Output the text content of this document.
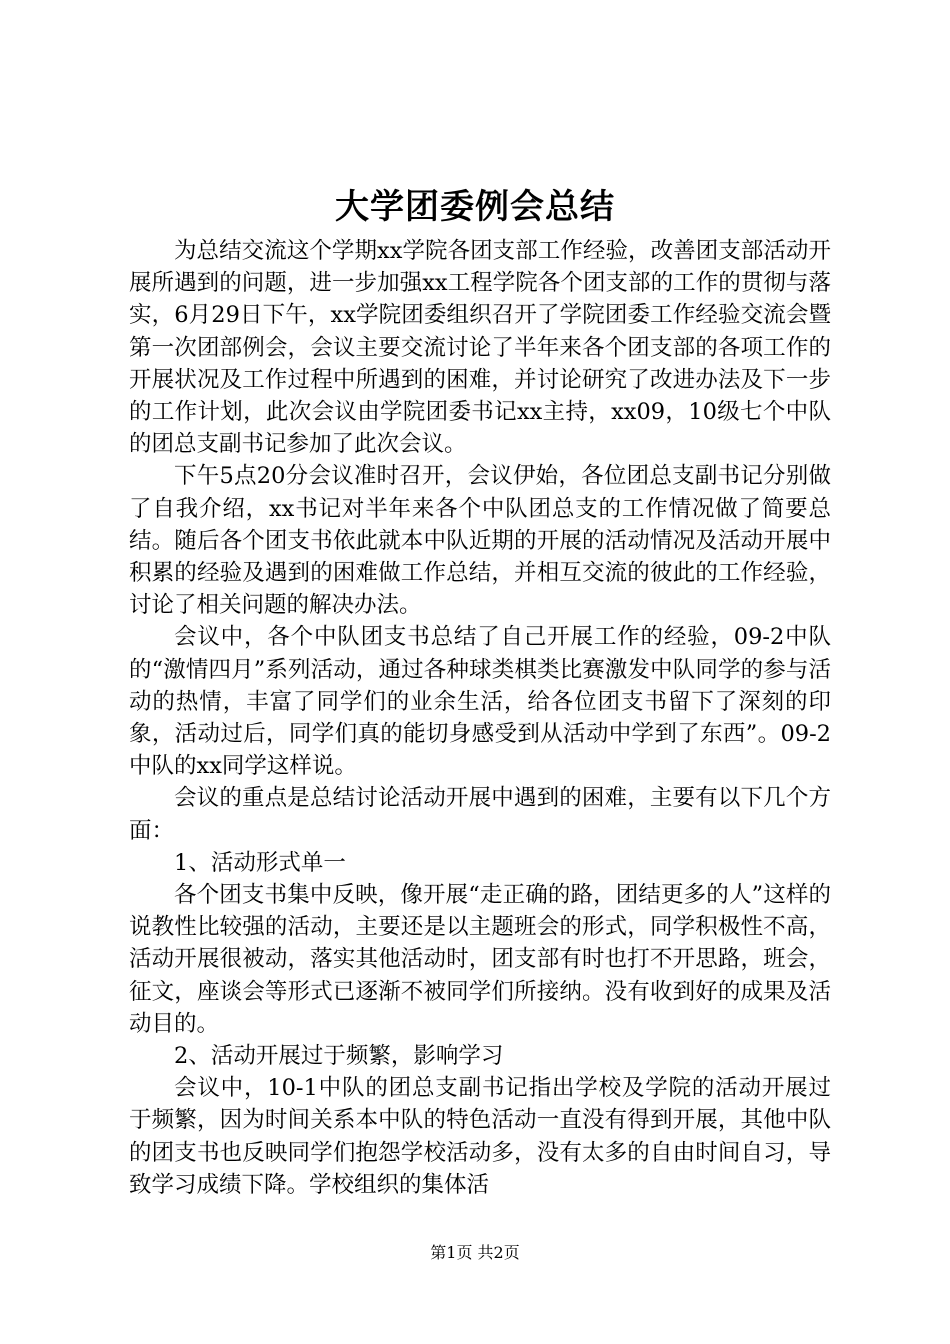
大学团委例会总结

为总结交流这个学期xx学院各团支部工作经验，改善团支部活动开展所遇到的问题，进一步加强xx工程学院各个团支部的工作的贯彻与落实，6月29日下午，xx学院团委组织召开了学院团委工作经验交流会暨第一次团部例会，会议主要交流讨论了半年来各个团支部的各项工作的开展状况及工作过程中所遇到的困难，并讨论研究了改进办法及下一步的工作计划，此次会议由学院团委书记xx主持，xx09，10级七个中队的团总支副书记参加了此次会议。

下午5点20分会议准时召开，会议伊始，各位团总支副书记分别做了自我介绍，xx书记对半年来各个中队团总支的工作情况做了简要总结。随后各个团支书依此就本中队近期的开展的活动情况及活动开展中积累的经验及遇到的困难做工作总结，并相互交流的彼此的工作经验，讨论了相关问题的解决办法。

会议中，各个中队团支书总结了自己开展工作的经验，09-2中队的“激情四月”系列活动，通过各种球类棋类比赛激发中队同学的参与活动的热情，丰富了同学们的业余生活，给各位团支书留下了深刻的印象，活动过后，同学们真的能切身感受到从活动中学到了东西”。09-2中队的xx同学这样说。

会议的重点是总结讨论活动开展中遇到的困难，主要有以下几个方面：

1、活动形式单一

各个团支书集中反映，像开展“走正确的路，团结更多的人”这样的说教性比较强的活动，主要还是以主题班会的形式，同学积极性不高，活动开展很被动，落实其他活动时，团支部有时也打不开思路，班会，征文，座谈会等形式已逐渐不被同学们所接纳。没有收到好的成果及活动目的。

2、活动开展过于频繁，影响学习

会议中，10-1中队的团总支副书记指出学校及学院的活动开展过于频繁，因为时间关系本中队的特色活动一直没有得到开展，其他中队的团支书也反映同学们抱怨学校活动多，没有太多的自由时间自习，导致学习成绩下降。学校组织的集体活

第1页 共2页
